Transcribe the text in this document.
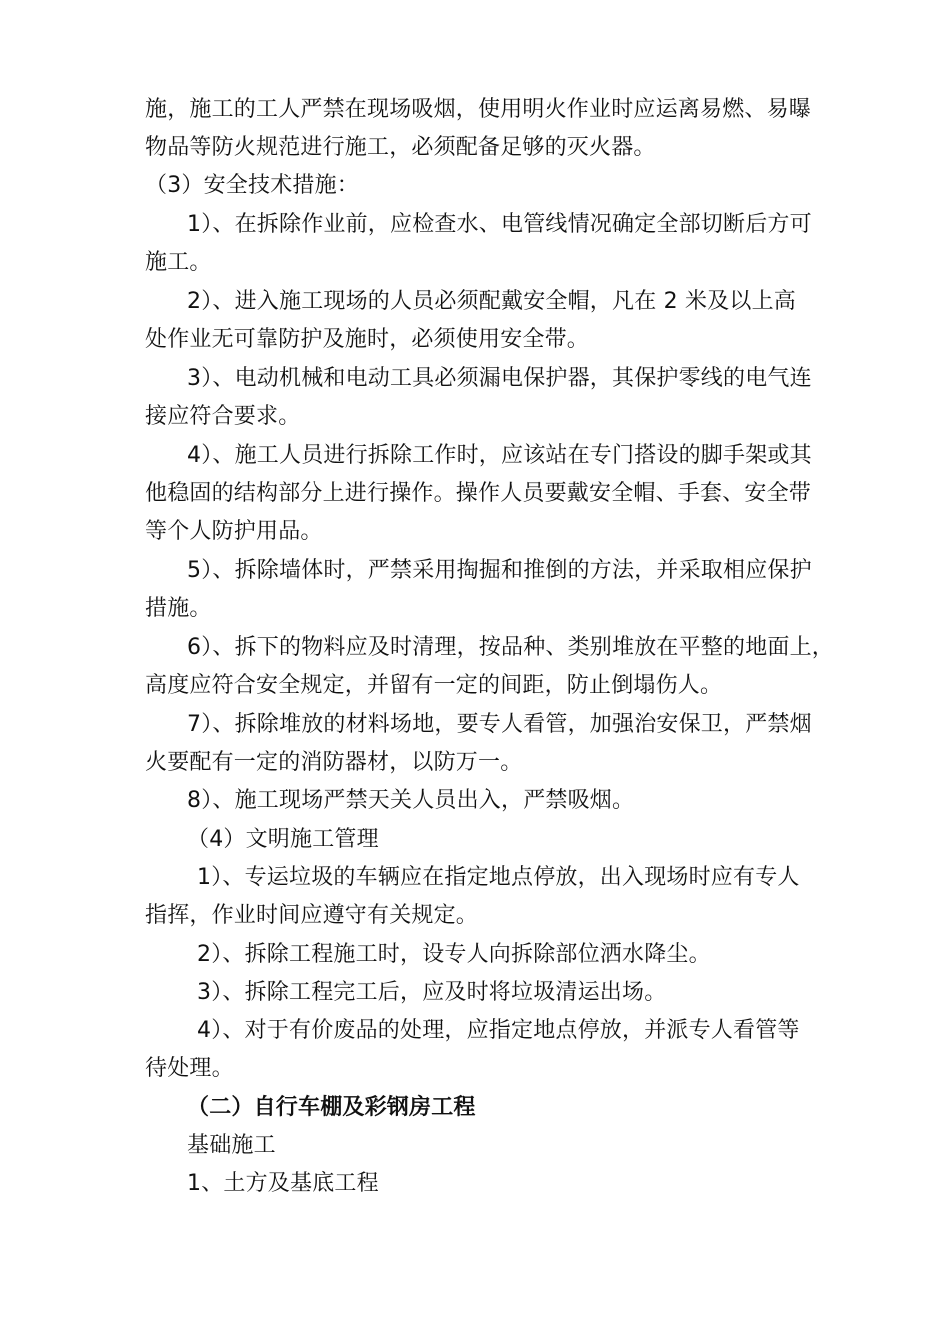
施，施工的工人严禁在现场吸烟，使用明火作业时应运离易燃、易曝
物品等防火规范进行施工，必须配备足够的灭火器。
（3）安全技术措施：
1）、在拆除作业前，应检查水、电管线情况确定全部切断后方可
施工。
2）、进入施工现场的人员必须配戴安全帽，凡在 2 米及以上高
处作业无可靠防护及施时，必须使用安全带。
3）、电动机械和电动工具必须漏电保护器，其保护零线的电气连
接应符合要求。
4）、施工人员进行拆除工作时，应该站在专门搭设的脚手架或其
他稳固的结构部分上进行操作。操作人员要戴安全帽、手套、安全带
等个人防护用品。
5）、拆除墙体时，严禁采用掏掘和推倒的方法，并采取相应保护
措施。
6）、拆下的物料应及时清理，按品种、类别堆放在平整的地面上，
高度应符合安全规定，并留有一定的间距，防止倒塌伤人。
7）、拆除堆放的材料场地，要专人看管，加强治安保卫，严禁烟
火要配有一定的消防器材，以防万一。
8）、施工现场严禁天关人员出入，严禁吸烟。
（4）文明施工管理
1）、专运垃圾的车辆应在指定地点停放，出入现场时应有专人
指挥，作业时间应遵守有关规定。
2）、拆除工程施工时，设专人向拆除部位洒水降尘。
3）、拆除工程完工后，应及时将垃圾清运出场。
4）、对于有价废品的处理，应指定地点停放，并派专人看管等
待处理。
（二）自行车棚及彩钢房工程
基础施工
1、土方及基底工程
